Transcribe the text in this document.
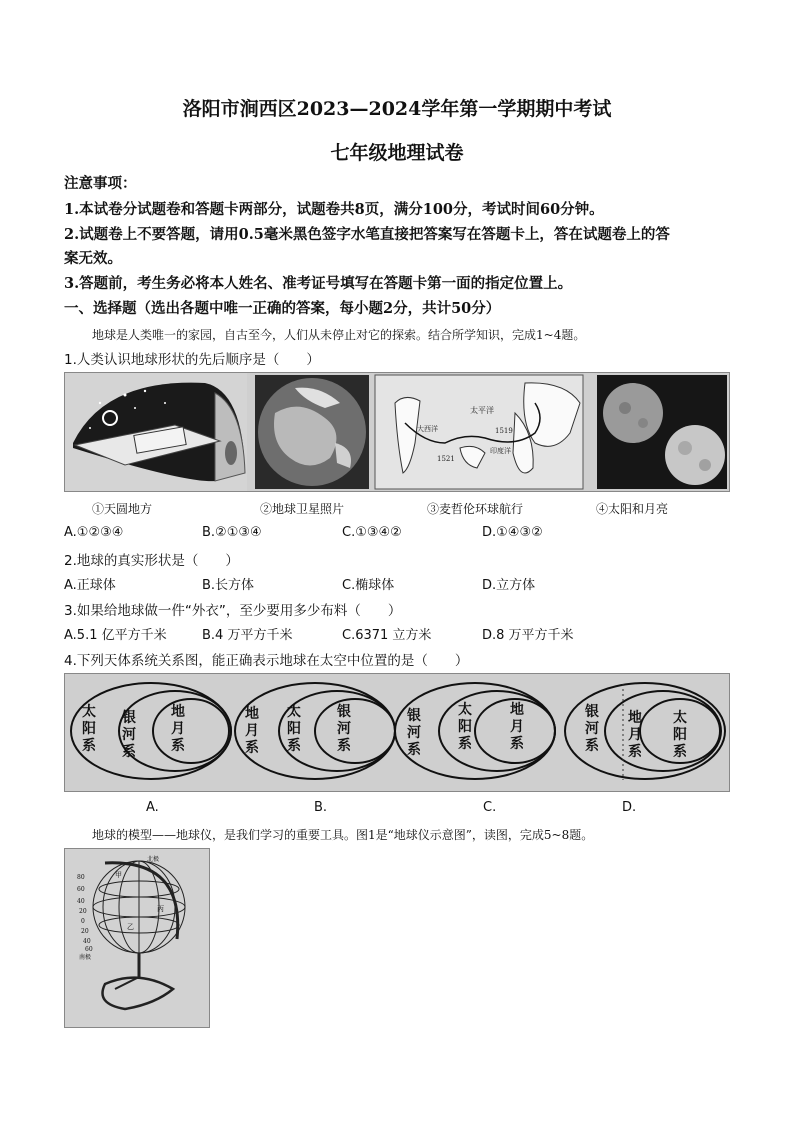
洛阳市涧西区2023—2024学年第一学期期中考试
七年级地理试卷
注意事项：
1.本试卷分试题卷和答题卡两部分，试题卷共8页，满分100分，考试时间60分钟。
2.试题卷上不要答题，请用0.5毫米黑色签字水笔直接把答案写在答题卡上，答在试题卷上的答
案无效。
3.答题前，考生务必将本人姓名、准考证号填写在答题卡第一面的指定位置上。
一、选择题（选出各题中唯一正确的答案，每小题2分，共计50分）
地球是人类唯一的家园，自古至今，人们从未停止对它的探索。结合所学知识，完成1~4题。
1.人类认识地球形状的先后顺序是（　　）
太平洋
印度洋
大西洋
1521
1519
①天圆地方	②地球卫星照片	③麦哲伦环球航行	④太阳和月亮
A.①②③④	B.②①③④	C.①③④②	D.①④③②
2.地球的真实形状是（　　）
A.正球体	B.长方体	C.椭球体	D.立方体
3.如果给地球做一件“外衣”，至少要用多少布料（　　）
A.5.1 亿平方千米	B.4 万平方千米	C.6371 立方米	D.8 万平方千米
4.下列天体系统关系图，能正确表示地球在太空中位置的是（　　）
太阳系
银河系
地月系
地月系
太阳系
银河系
银河系
太阳系
地月系
银河系
地月系
太阳系
A.	B.	C.	D.
地球的模型——地球仪，是我们学习的重要工具。图1是“地球仪示意图”，读图，完成5~8题。
北极
南极
甲
乙
丙
80
60
40
20
0
20
40
60
